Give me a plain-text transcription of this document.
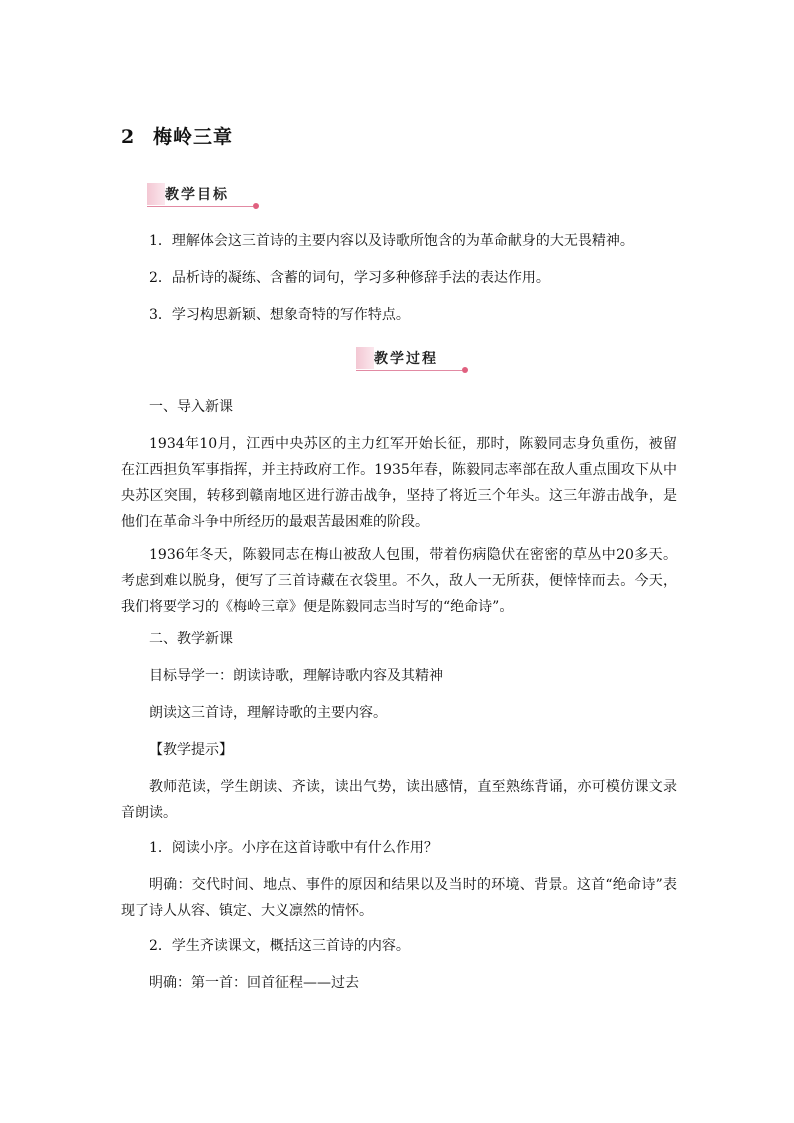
2 梅岭三章
教学目标
1．理解体会这三首诗的主要内容以及诗歌所饱含的为革命献身的大无畏精神。
2．品析诗的凝练、含蓄的词句，学习多种修辞手法的表达作用。
3．学习构思新颖、想象奇特的写作特点。
教学过程
一、导入新课
1934年10月，江西中央苏区的主力红军开始长征，那时，陈毅同志身负重伤，被留在江西担负军事指挥，并主持政府工作。1935年春，陈毅同志率部在敌人重点围攻下从中央苏区突围，转移到赣南地区进行游击战争，坚持了将近三个年头。这三年游击战争，是他们在革命斗争中所经历的最艰苦最困难的阶段。
1936年冬天，陈毅同志在梅山被敌人包围，带着伤病隐伏在密密的草丛中20多天。考虑到难以脱身，便写了三首诗藏在衣袋里。不久，敌人一无所获，便悻悻而去。今天，我们将要学习的《梅岭三章》便是陈毅同志当时写的“绝命诗”。
二、教学新课
目标导学一：朗读诗歌，理解诗歌内容及其精神
朗读这三首诗，理解诗歌的主要内容。
【教学提示】
教师范读，学生朗读、齐读，读出气势，读出感情，直至熟练背诵，亦可模仿课文录音朗读。
1．阅读小序。小序在这首诗歌中有什么作用？
明确：交代时间、地点、事件的原因和结果以及当时的环境、背景。这首“绝命诗”表现了诗人从容、镇定、大义凛然的情怀。
2．学生齐读课文，概括这三首诗的内容。
明确：第一首：回首征程——过去
